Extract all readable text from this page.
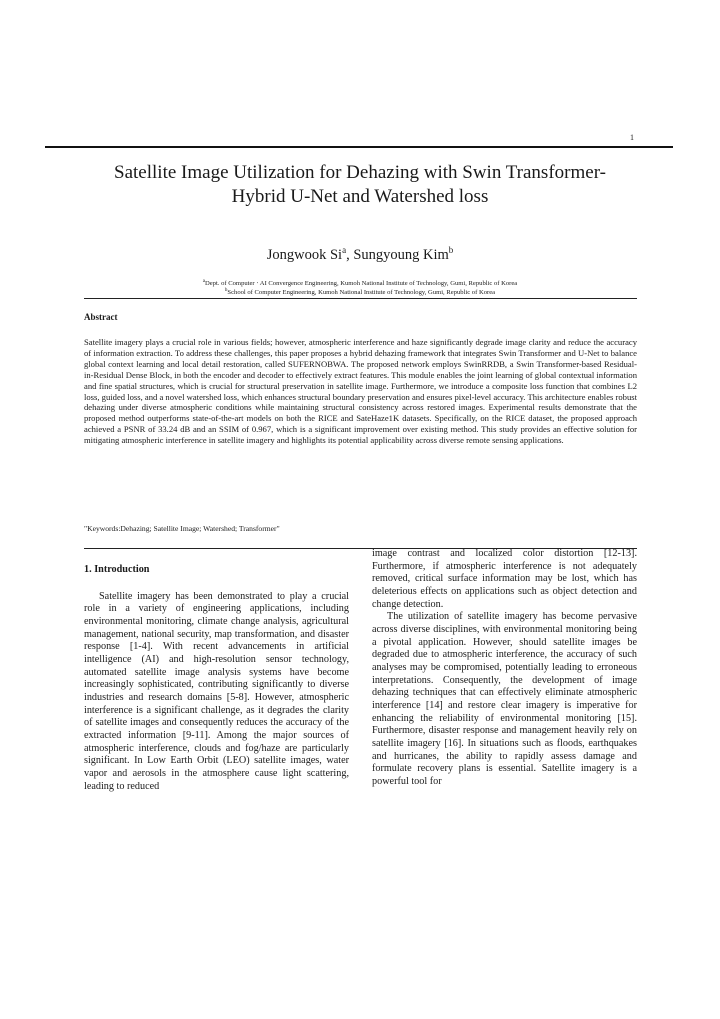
1
Satellite Image Utilization for Dehazing with Swin Transformer-
Hybrid U-Net and Watershed loss
Jongwook Si$^a$, Sungyoung Kim$^b$
$^a$Dept. of Computer ⋅ AI Convergence Engineering, Kumoh National Institute of Technology, Gumi, Republic of Korea
$^b$School of Computer Engineering, Kumoh National Institute of Technology, Gumi, Republic of Korea
Abstract

Satellite imagery plays a crucial role in various fields; however, atmospheric interference and haze significantly degrade image clarity and reduce the accuracy of information extraction. To address these challenges, this paper proposes a hybrid dehazing framework that integrates Swin Transformer and U-Net to balance global context learning and local detail restoration, called SUFERNOBWA. The proposed network employs SwinRRDB, a Swin Transformer-based Residual-in-Residual Dense Block, in both the encoder and decoder to effectively extract features. This module enables the joint learning of global contextual information and fine spatial structures, which is crucial for structural preservation in satellite image. Furthermore, we introduce a composite loss function that combines L2 loss, guided loss, and a novel watershed loss, which enhances structural boundary preservation and ensures pixel-level accuracy. This architecture enables robust dehazing under diverse atmospheric conditions while maintaining structural consistency across restored images. Experimental results demonstrate that the proposed method outperforms state-of-the-art models on both the RICE and SateHaze1K datasets. Specifically, on the RICE dataset, the proposed approach achieved a PSNR of 33.24 dB and an SSIM of 0.967, which is a significant improvement over existing method. This study provides an effective solution for mitigating atmospheric interference in satellite imagery and highlights its potential applicability across diverse remote sensing applications.

"Keywords:Dehazing; Satellite Image; Watershed; Transformer"
1. Introduction

Satellite imagery has been demonstrated to play a crucial role in a variety of engineering applications, including environmental monitoring, climate change analysis, agricultural management, national security, map transformation, and disaster response [1-4]. With recent advancements in artificial intelligence (AI) and high-resolution sensor technology, automated satellite image analysis systems have become increasingly sophisticated, contributing significantly to diverse industries and research domains [5-8]. However, atmospheric interference is a significant challenge, as it degrades the clarity of satellite images and consequently reduces the accuracy of the extracted information [9-11]. Among the major sources of atmospheric interference, clouds and fog/haze are particularly significant. In Low Earth Orbit (LEO) satellite images, water vapor and aerosols in the atmosphere cause light scattering, leading to reduced

image contrast and localized color distortion [12-13]. Furthermore, if atmospheric interference is not adequately removed, critical surface information may be lost, which has deleterious effects on applications such as object detection and change detection.

The utilization of satellite imagery has become pervasive across diverse disciplines, with environmental monitoring being a pivotal application. However, should satellite images be degraded due to atmospheric interference, the accuracy of such analyses may be compromised, potentially leading to erroneous interpretations. Consequently, the development of image dehazing techniques that can effectively eliminate atmospheric interference [14] and restore clear imagery is imperative for enhancing the reliability of environmental monitoring [15]. Furthermore, disaster response and management heavily rely on satellite imagery [16]. In situations such as floods, earthquakes and hurricanes, the ability to rapidly assess damage and formulate recovery plans is essential. Satellite imagery is a powerful tool for
